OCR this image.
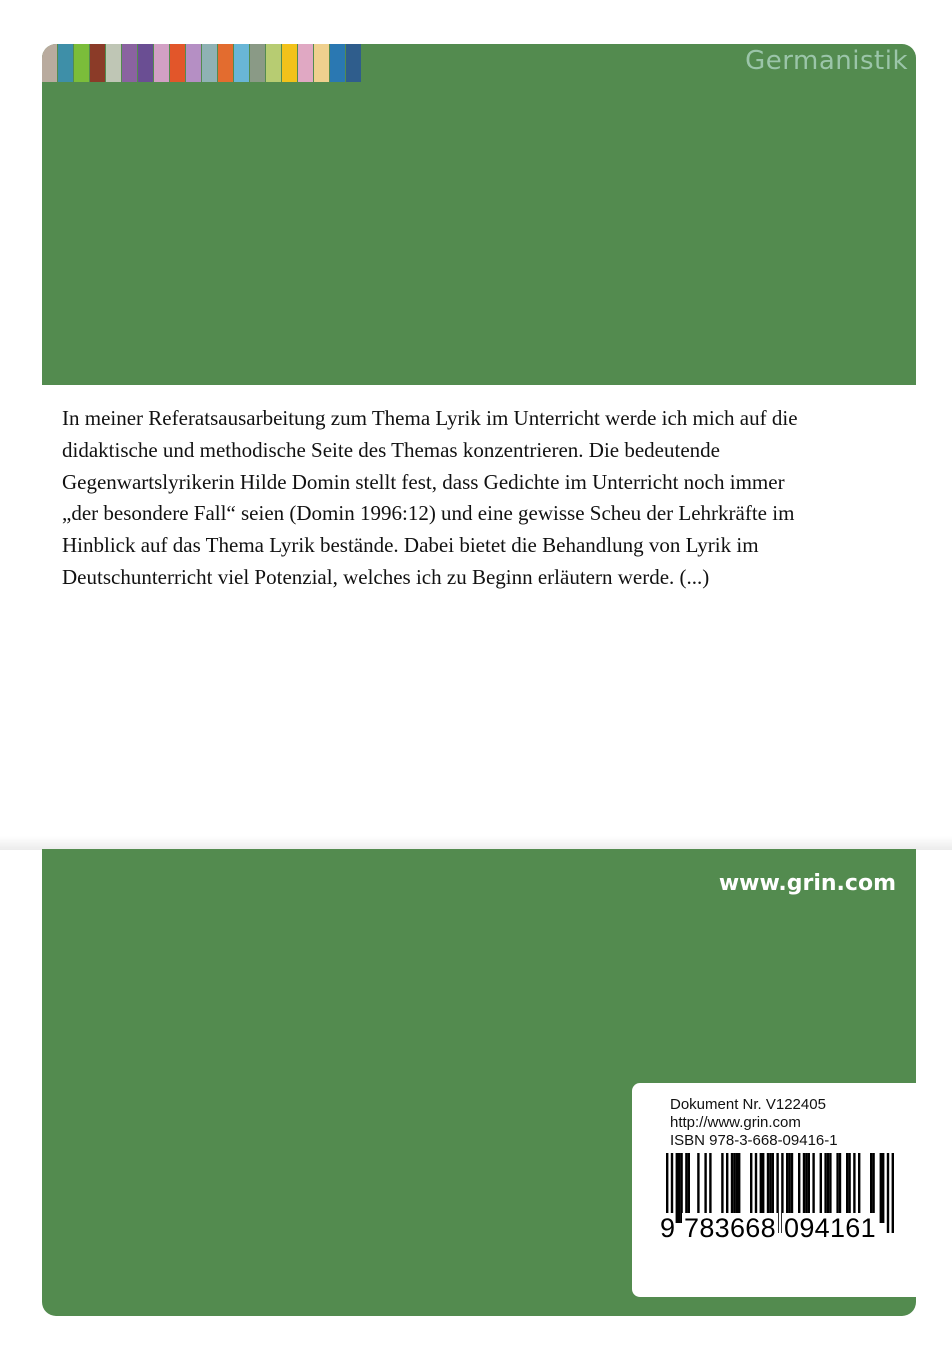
Germanistik
In meiner Referatsausarbeitung zum Thema Lyrik im Unterricht werde ich mich auf die
didaktische und methodische Seite des Themas konzentrieren. Die bedeutende
Gegenwartslyrikerin Hilde Domin stellt fest, dass Gedichte im Unterricht noch immer
„der besondere Fall“ seien (Domin 1996:12) und eine gewisse Scheu der Lehrkräfte im
Hinblick auf das Thema Lyrik bestände. Dabei bietet die Behandlung von Lyrik im
Deutschunterricht viel Potenzial, welches ich zu Beginn erläutern werde. (...)
www.grin.com
Dokument Nr. V122405
http://www.grin.com
ISBN 978-3-668-09416-1
9 783668 094161
